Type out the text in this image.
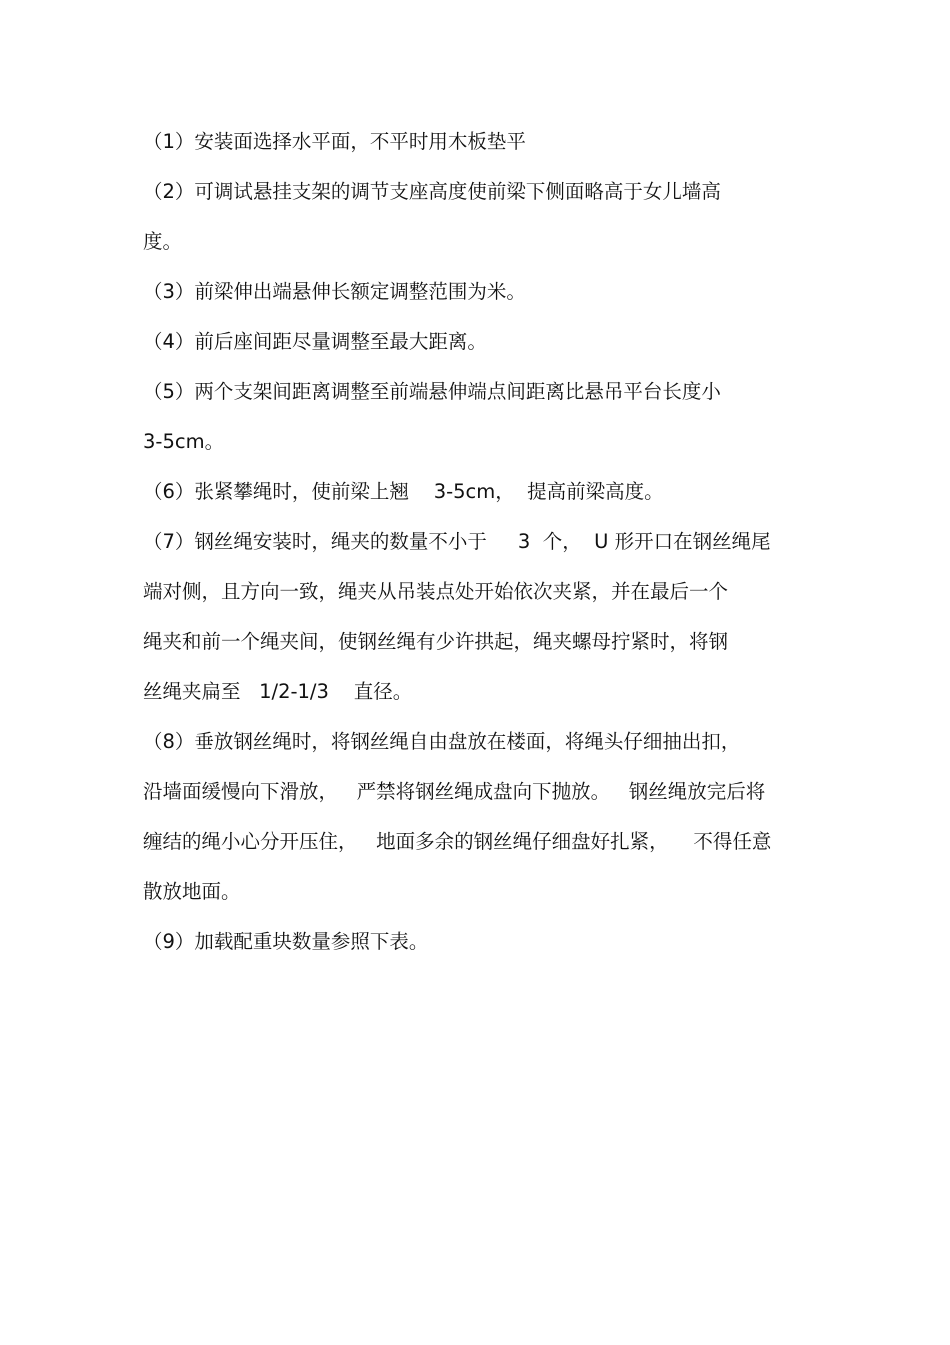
（1）安装面选择水平面，不平时用木板垫平
（2）可调试悬挂支架的调节支座高度使前梁下侧面略高于女儿墙高
度。
（3）前梁伸出端悬伸长额定调整范围为米。
（4）前后座间距尽量调整至最大距离。
（5）两个支架间距离调整至前端悬伸端点间距离比悬吊平台长度小
3-5cm。
（6）张紧攀绳时，使前梁上翘    3-5cm，  提高前梁高度。
（7）钢丝绳安装时，绳夹的数量不小于     3  个，  U 形开口在钢丝绳尾
端对侧，且方向一致，绳夹从吊装点处开始依次夹紧，并在最后一个
绳夹和前一个绳夹间，使钢丝绳有少许拱起，绳夹螺母拧紧时，将钢
丝绳夹扁至   1/2-1/3    直径。
（8）垂放钢丝绳时，将钢丝绳自由盘放在楼面，将绳头仔细抽出扣，
沿墙面缓慢向下滑放，   严禁将钢丝绳成盘向下抛放。   钢丝绳放完后将
缠结的绳小心分开压住，   地面多余的钢丝绳仔细盘好扎紧，    不得任意
散放地面。
（9）加载配重块数量参照下表。
